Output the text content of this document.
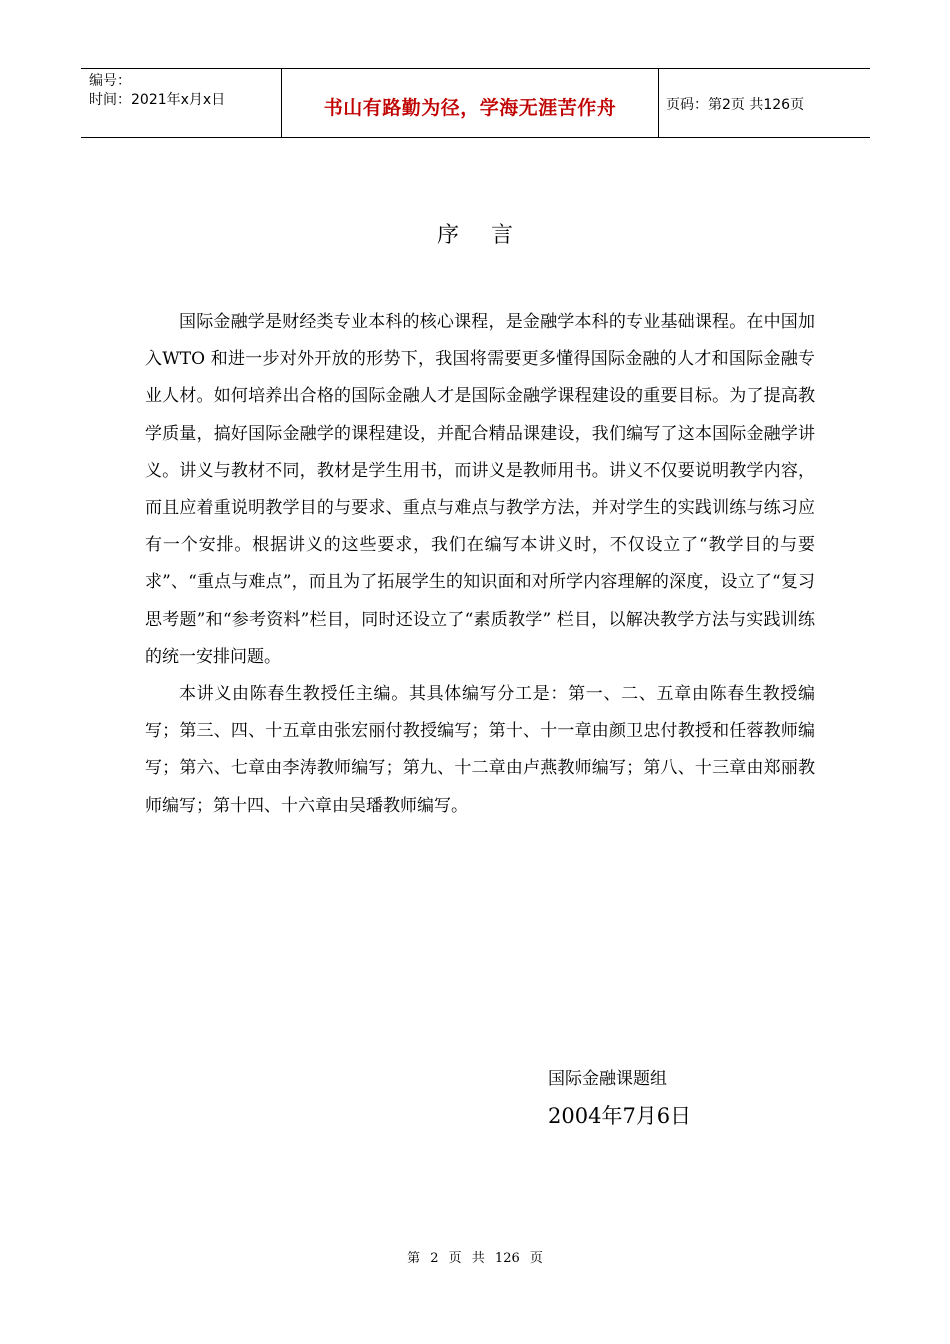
编号：
时间：2021年x月x日	书山有路勤为径，学海无涯苦作舟	页码：第2页 共126页
序言

国际金融学是财经类专业本科的核心课程，是金融学本科的专业基础课程。在中国加入WTO 和进一步对外开放的形势下，我国将需要更多懂得国际金融的人才和国际金融专业人材。如何培养出合格的国际金融人才是国际金融学课程建设的重要目标。为了提高教学质量，搞好国际金融学的课程建设，并配合精品课建设，我们编写了这本国际金融学讲义。讲义与教材不同，教材是学生用书，而讲义是教师用书。讲义不仅要说明教学内容，而且应着重说明教学目的与要求、重点与难点与教学方法，并对学生的实践训练与练习应有一个安排。根据讲义的这些要求，我们在编写本讲义时，不仅设立了“教学目的与要求”、“重点与难点”，而且为了拓展学生的知识面和对所学内容理解的深度，设立了“复习思考题”和“参考资料”栏目，同时还设立了“素质教学” 栏目，以解决教学方法与实践训练的统一安排问题。

本讲义由陈春生教授任主编。其具体编写分工是：第一、二、五章由陈春生教授编写；第三、四、十五章由张宏丽付教授编写；第十、十一章由颜卫忠付教授和任蓉教师编写；第六、七章由李涛教师编写；第九、十二章由卢燕教师编写；第八、十三章由郑丽教师编写；第十四、十六章由吴璠教师编写。

国际金融课题组
2004年7月6日
第 2 页 共 126 页
